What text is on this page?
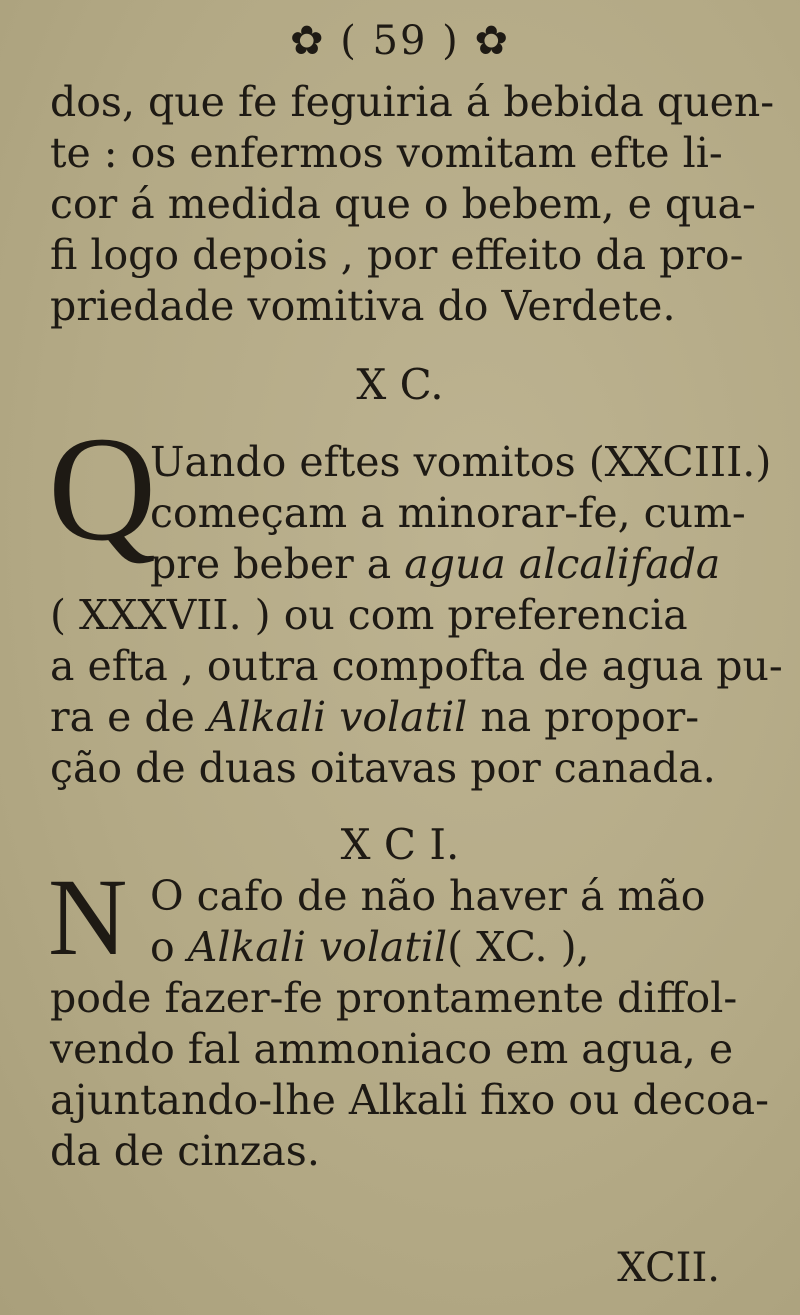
✿ ( 59 ) ✿
dos, que fe feguiria á bebida quen-
te : os enfermos vomitam efte li-
cor á medida que o bebem, e qua-
fi logo depois , por effeito da pro-
priedade vomitiva do Verdete.
X C.
Q
Uando eftes vomitos (XXCIII.)
começam a minorar-fe, cum-
pre beber a agua alcalifada
( XXXVII. ) ou com preferencia
a efta , outra compofta de agua pu-
ra e de Alkali volatil na propor-
ção de duas oitavas por canada.
X C I.
N O cafo de não haver á mão
o Alkali volatil ( XC. ),
pode fazer-fe prontamente diffol-
vendo fal ammoniaco em agua, e
ajuntando-lhe Alkali fixo ou decoa-
da de cinzas.
XCII.
